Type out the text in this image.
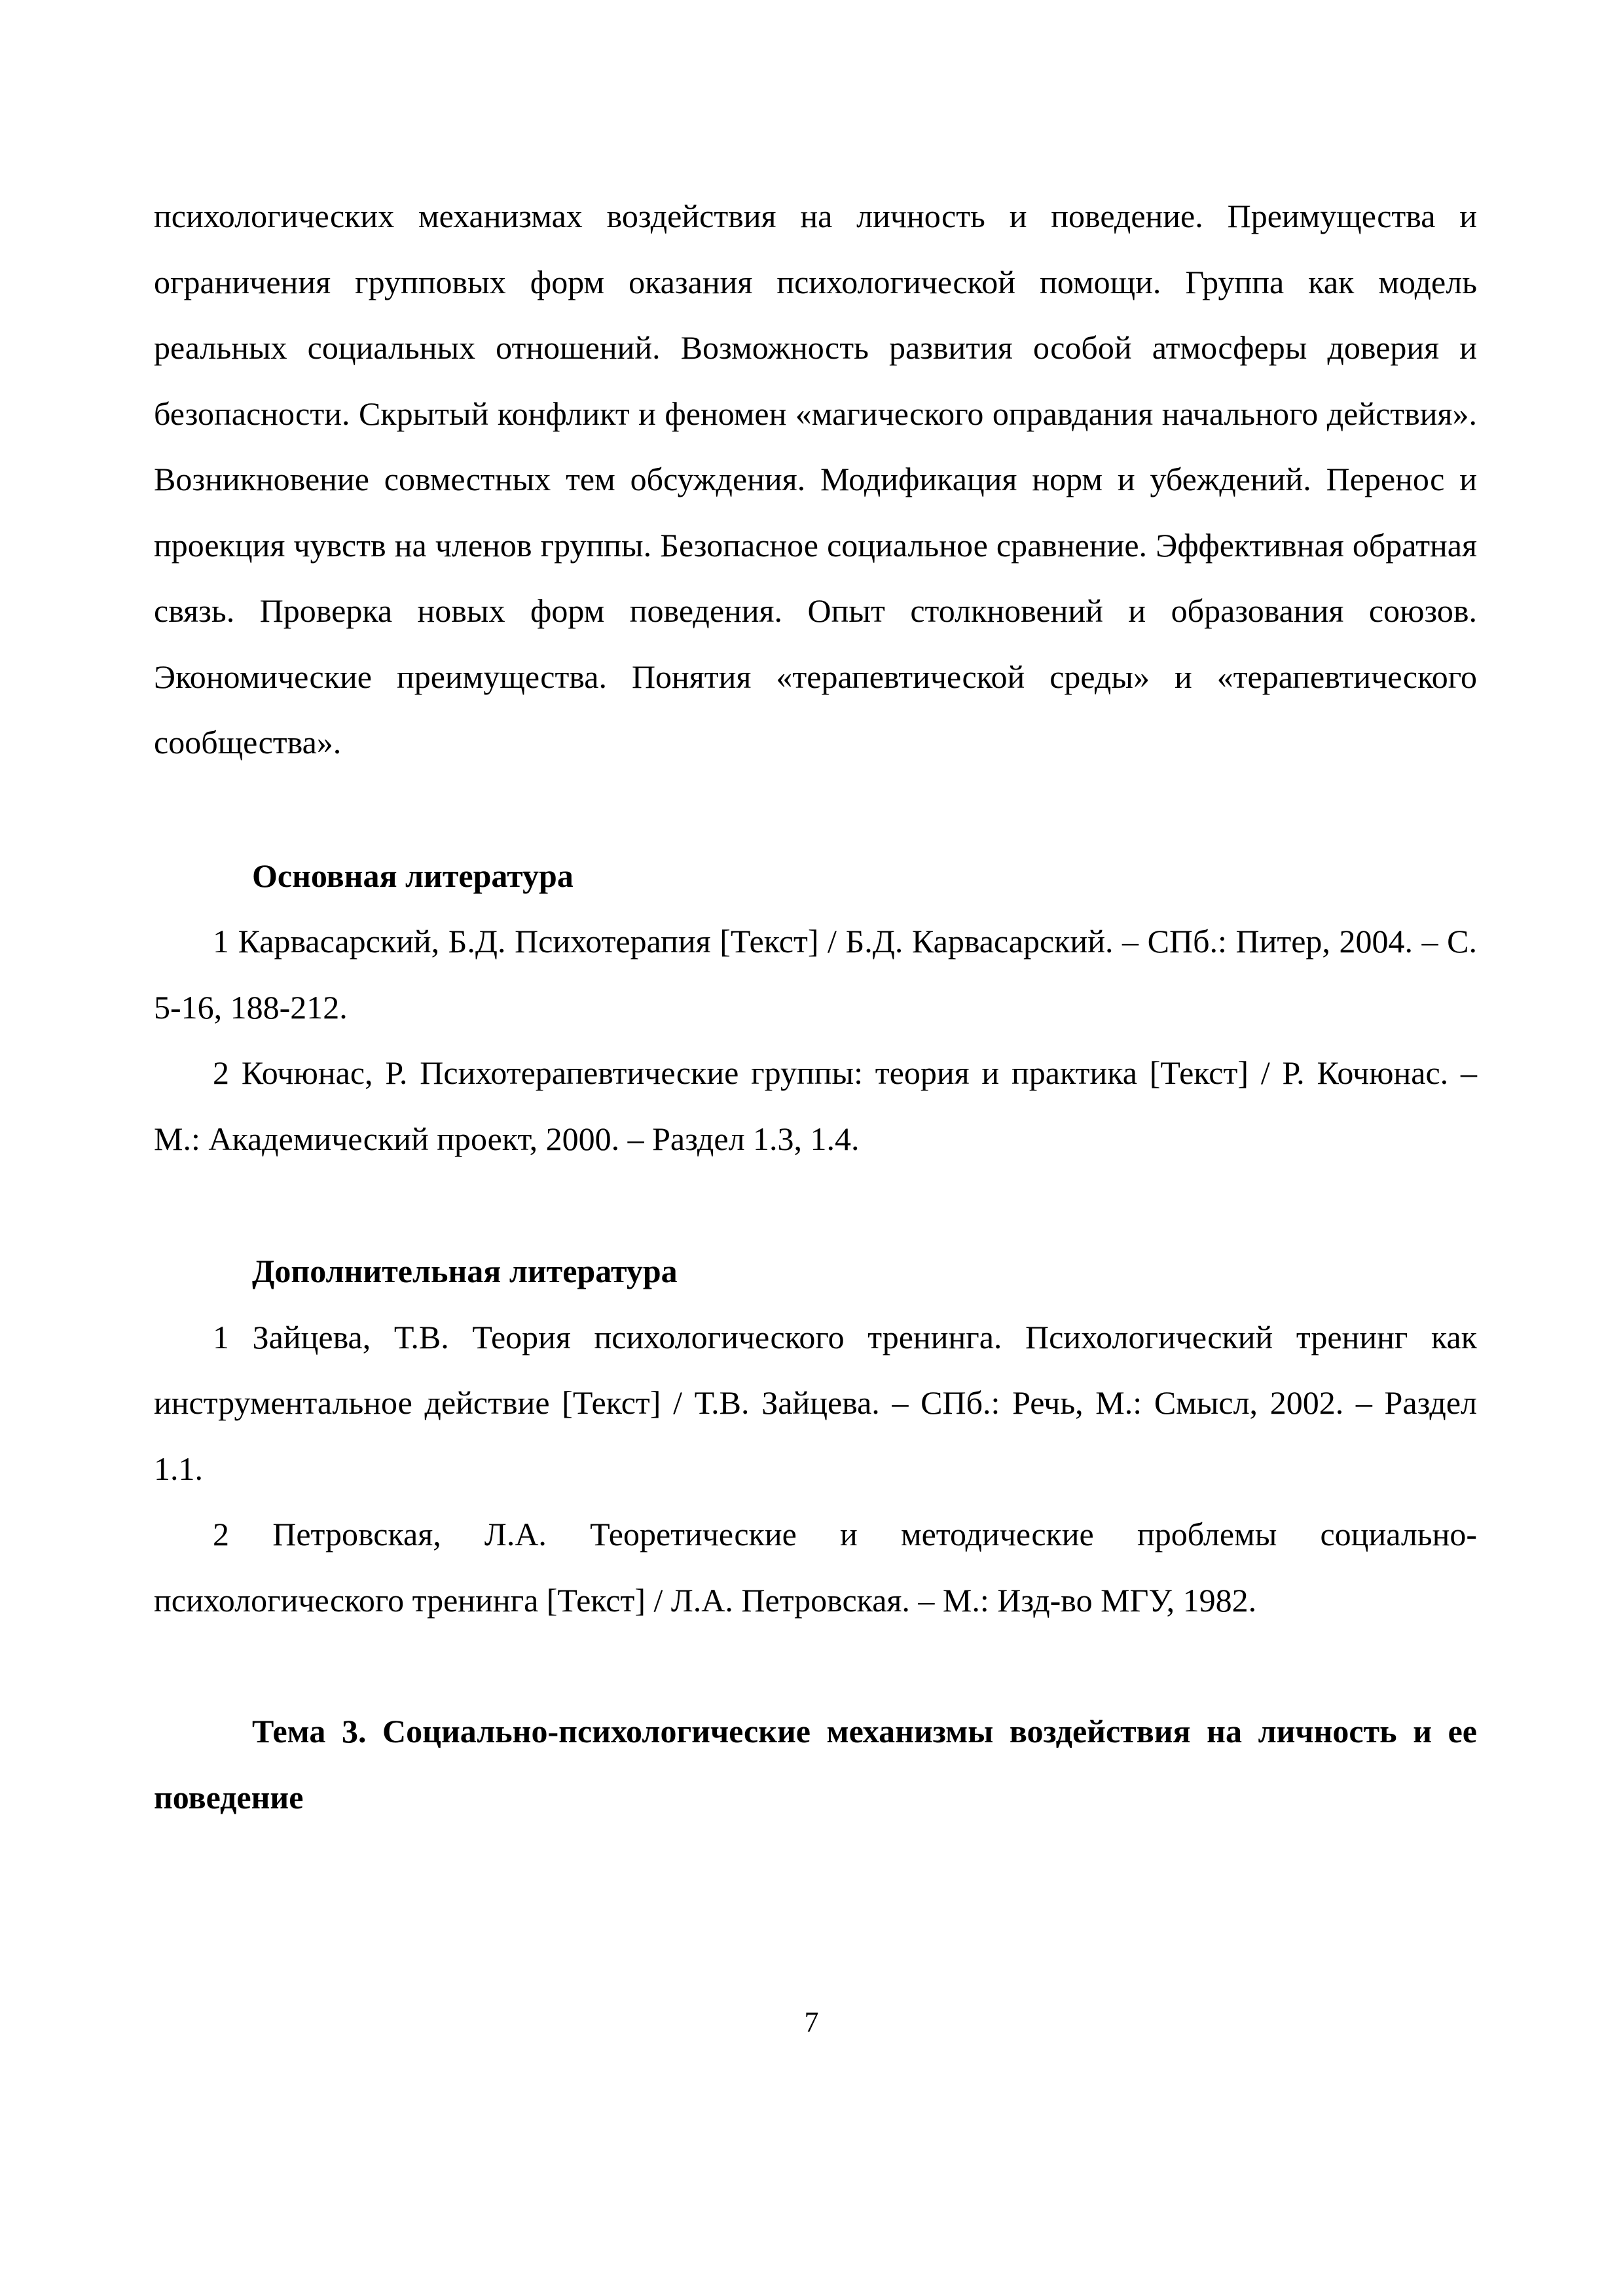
психологических механизмах воздействия на личность и поведение. Преимущества и ограничения групповых форм оказания психологической помощи. Группа как модель реальных социальных отношений. Возможность развития особой атмосферы доверия и безопасности. Скрытый конфликт и феномен «магического оправдания начального действия». Возникновение совместных тем обсуждения. Модификация норм и убеждений. Перенос и проекция чувств на членов группы. Безопасное социальное сравнение. Эффективная обратная связь. Проверка новых форм поведения. Опыт столкновений и образования союзов. Экономические преимущества. Понятия «терапевтической среды» и «терапевтического сообщества».

Основная литература

1 Карвасарский, Б.Д. Психотерапия [Текст] / Б.Д. Карвасарский. – СПб.: Питер, 2004. – С. 5-16, 188-212.

2 Кочюнас, Р. Психотерапевтические группы: теория и практика [Текст] / Р. Кочюнас. – М.: Академический проект, 2000. – Раздел 1.3, 1.4.

Дополнительная литература

1 Зайцева, Т.В. Теория психологического тренинга. Психологический тренинг как инструментальное действие [Текст] / Т.В. Зайцева. – СПб.: Речь, М.: Смысл, 2002. – Раздел 1.1.

2 Петровская, Л.А. Теоретические и методические проблемы социально-психологического тренинга [Текст] / Л.А. Петровская. – М.: Изд-во МГУ, 1982.

Тема 3. Социально-психологические механизмы воздействия на личность и ее поведение

7
